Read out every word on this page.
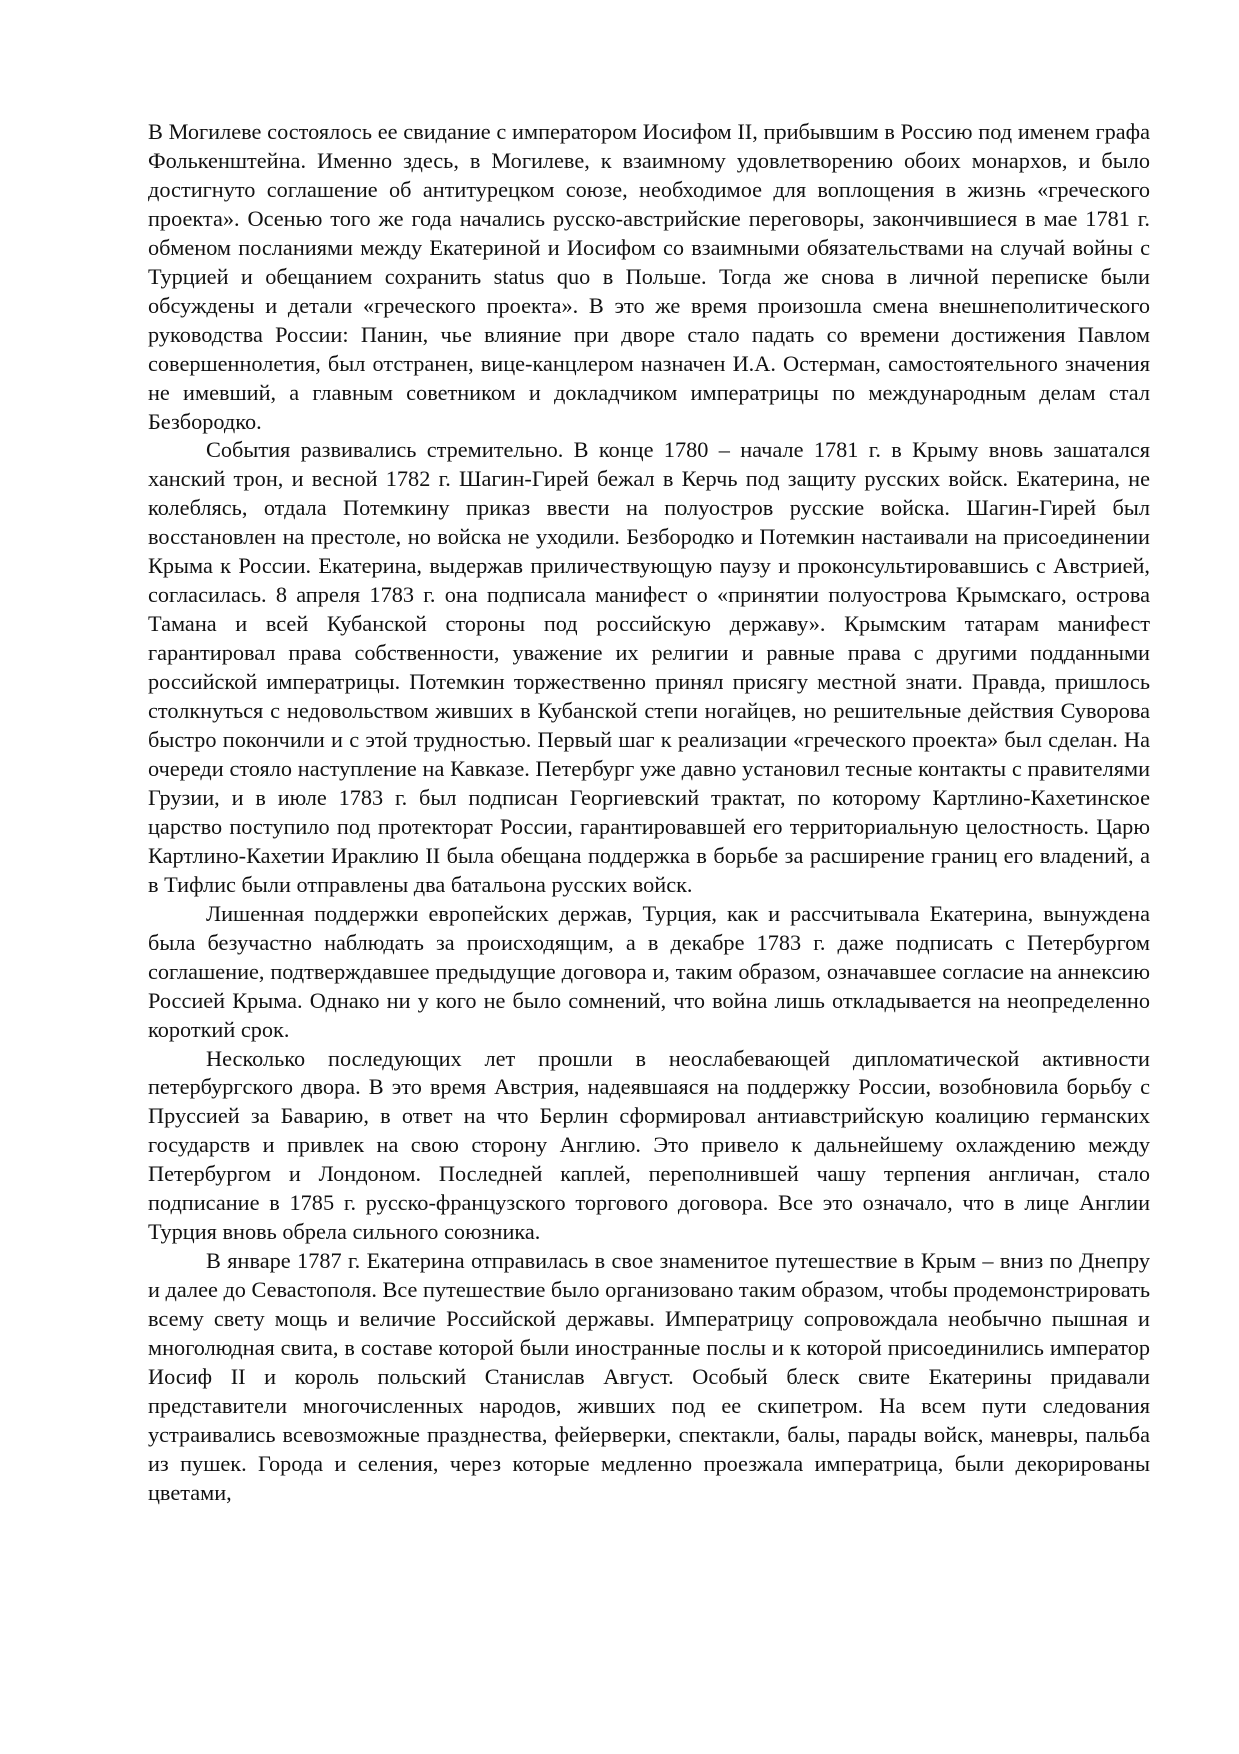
В Могилеве состоялось ее свидание с императором Иосифом II, прибывшим в Россию под именем графа Фолькенштейна. Именно здесь, в Могилеве, к взаимному удовлетворению обоих монархов, и было достигнуто соглашение об антитурецком союзе, необходимое для воплощения в жизнь «греческого проекта». Осенью того же года начались русско-австрийские переговоры, закончившиеся в мае 1781 г. обменом посланиями между Екатериной и Иосифом со взаимными обязательствами на случай войны с Турцией и обещанием сохранить status quo в Польше. Тогда же снова в личной переписке были обсуждены и детали «греческого проекта». В это же время произошла смена внешнеполитического руководства России: Панин, чье влияние при дворе стало падать со времени достижения Павлом совершеннолетия, был отстранен, вице-канцлером назначен И.А. Остерман, самостоятельного значения не имевший, а главным советником и докладчиком императрицы по международным делам стал Безбородко.

События развивались стремительно. В конце 1780 – начале 1781 г. в Крыму вновь зашатался ханский трон, и весной 1782 г. Шагин-Гирей бежал в Керчь под защиту русских войск. Екатерина, не колеблясь, отдала Потемкину приказ ввести на полуостров русские войска. Шагин-Гирей был восстановлен на престоле, но войска не уходили. Безбородко и Потемкин настаивали на присоединении Крыма к России. Екатерина, выдержав приличествующую паузу и проконсультировавшись с Австрией, согласилась. 8 апреля 1783 г. она подписала манифест о «принятии полуострова Крымскаго, острова Тамана и всей Кубанской стороны под российскую державу». Крымским татарам манифест гарантировал права собственности, уважение их религии и равные права с другими подданными российской императрицы. Потемкин торжественно принял присягу местной знати. Правда, пришлось столкнуться с недовольством живших в Кубанской степи ногайцев, но решительные действия Суворова быстро покончили и с этой трудностью. Первый шаг к реализации «греческого проекта» был сделан. На очереди стояло наступление на Кавказе. Петербург уже давно установил тесные контакты с правителями Грузии, и в июле 1783 г. был подписан Георгиевский трактат, по которому Картлино-Кахетинское царство поступило под протекторат России, гарантировавшей его территориальную целостность. Царю Картлино-Кахетии Ираклию II была обещана поддержка в борьбе за расширение границ его владений, а в Тифлис были отправлены два батальона русских войск.

Лишенная поддержки европейских держав, Турция, как и рассчитывала Екатерина, вынуждена была безучастно наблюдать за происходящим, а в декабре 1783 г. даже подписать с Петербургом соглашение, подтверждавшее предыдущие договора и, таким образом, означавшее согласие на аннексию Россией Крыма. Однако ни у кого не было сомнений, что война лишь откладывается на неопределенно короткий срок.

Несколько последующих лет прошли в неослабевающей дипломатической активности петербургского двора. В это время Австрия, надеявшаяся на поддержку России, возобновила борьбу с Пруссией за Баварию, в ответ на что Берлин сформировал антиавстрийскую коалицию германских государств и привлек на свою сторону Англию. Это привело к дальнейшему охлаждению между Петербургом и Лондоном. Последней каплей, переполнившей чашу терпения англичан, стало подписание в 1785 г. русско-французского торгового договора. Все это означало, что в лице Англии Турция вновь обрела сильного союзника.

В январе 1787 г. Екатерина отправилась в свое знаменитое путешествие в Крым – вниз по Днепру и далее до Севастополя. Все путешествие было организовано таким образом, чтобы продемонстрировать всему свету мощь и величие Российской державы. Императрицу сопровождала необычно пышная и многолюдная свита, в составе которой были иностранные послы и к которой присоединились император Иосиф II и король польский Станислав Август. Особый блеск свите Екатерины придавали представители многочисленных народов, живших под ее скипетром. На всем пути следования устраивались всевозможные празднества, фейерверки, спектакли, балы, парады войск, маневры, пальба из пушек. Города и селения, через которые медленно проезжала императрица, были декорированы цветами,
